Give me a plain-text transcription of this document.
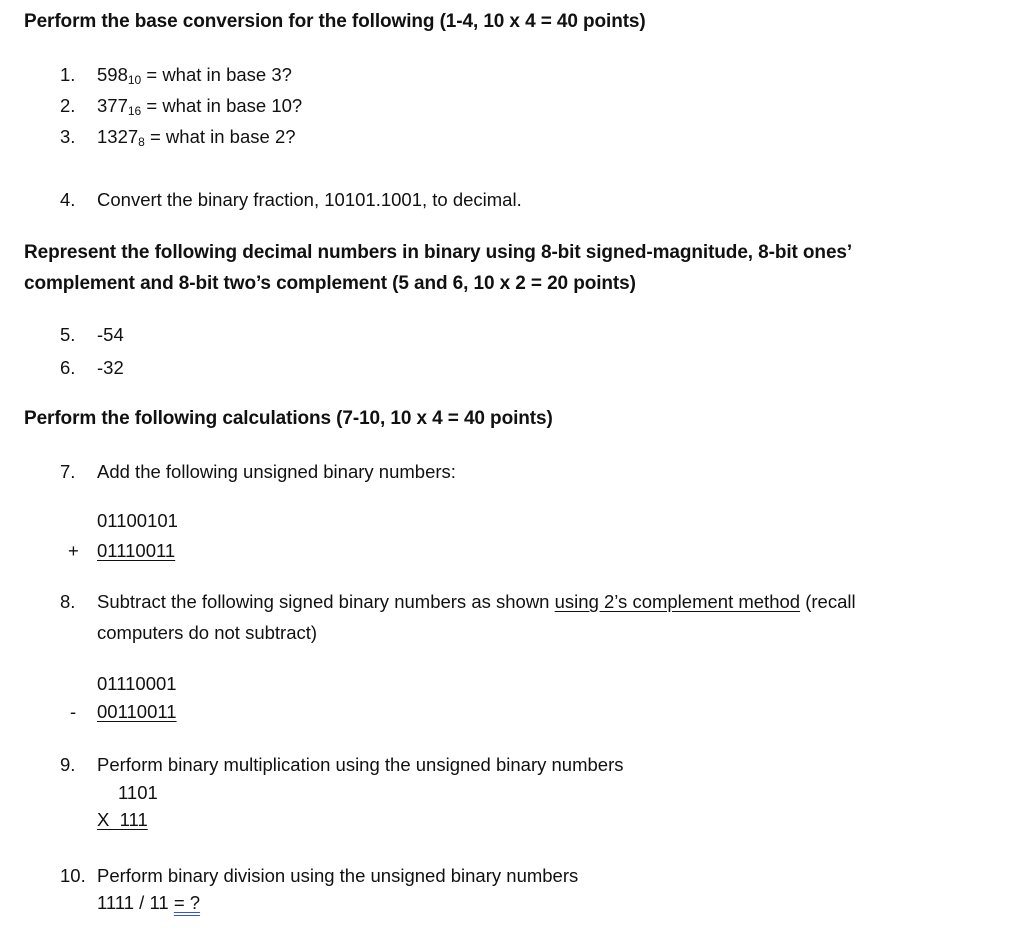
Perform the base conversion for the following (1-4, 10 x 4 = 40 points)
1. $598_{10}$ = what in base 3?
2. $377_{16}$ = what in base 10?
3. $1327_8$ = what in base 2?
4. Convert the binary fraction, 10101.1001, to decimal.
Represent the following decimal numbers in binary using 8-bit signed-magnitude, 8-bit ones’
complement and 8-bit two’s complement (5 and 6, 10 x 2 = 20 points)
5. -54
6. -32
Perform the following calculations (7-10, 10 x 4 = 40 points)
7. Add the following unsigned binary numbers:
01100101
+ 01110011
8. Subtract the following signed binary numbers as shown using 2’s complement method (recall
computers do not subtract)
01110001
- 00110011
9. Perform binary multiplication using the unsigned binary numbers
1101
X  111
10. Perform binary division using the unsigned binary numbers
1111 / 11 = ?
